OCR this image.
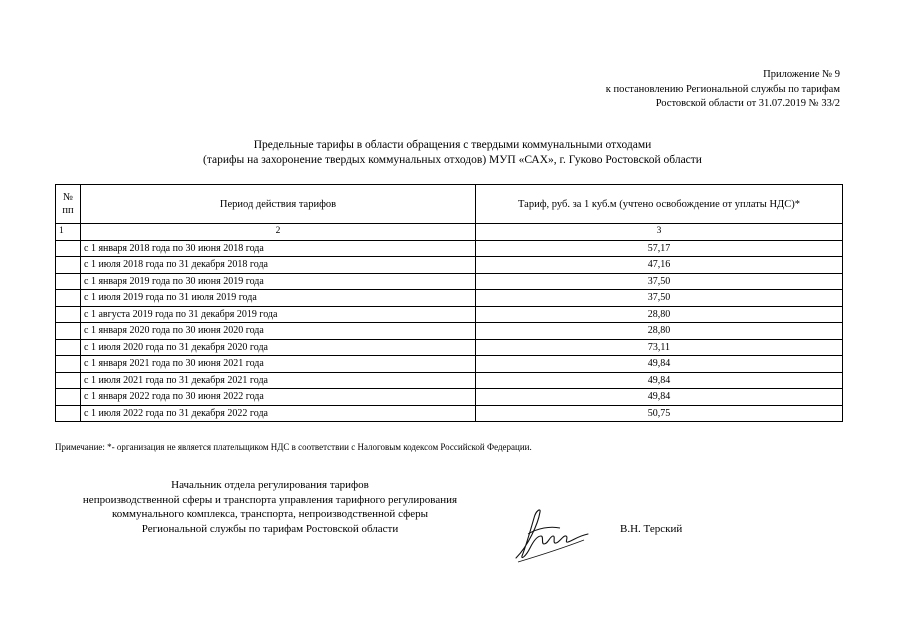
Приложение № 9
к постановлению Региональной службы по тарифам
Ростовской области от 31.07.2019 № 33/2
Предельные тарифы в области обращения с твердыми коммунальными отходами
(тарифы на захоронение твердых коммунальных отходов) МУП «САХ», г. Гуково Ростовской области
№ пп	Период действия тарифов	Тариф, руб. за 1 куб.м (учтено освобождение от уплаты НДС)*
1	2	3
	с 1 января 2018 года по 30 июня 2018 года	57,17
	с 1 июля 2018 года по 31 декабря 2018 года	47,16
	с 1 января 2019 года по 30 июня 2019 года	37,50
	с 1 июля 2019 года по 31 июля 2019 года	37,50
	с 1 августа 2019 года по 31 декабря 2019 года	28,80
	с 1 января 2020 года по 30 июня 2020 года	28,80
	с 1 июля 2020 года по 31 декабря 2020 года	73,11
	с 1 января 2021 года по 30 июня 2021 года	49,84
	с 1 июля 2021 года по 31 декабря 2021 года	49,84
	с 1 января 2022 года по 30 июня 2022 года	49,84
	с 1 июля 2022 года по 31 декабря 2022 года	50,75
Примечание: *- организация не является плательщиком НДС в соответствии с Налоговым кодексом Российской Федерации.
Начальник отдела регулирования тарифов
непроизводственной сферы и транспорта управления тарифного регулирования
коммунального комплекса, транспорта, непроизводственной сферы
Региональной службы по тарифам Ростовской области	В.Н. Терский
